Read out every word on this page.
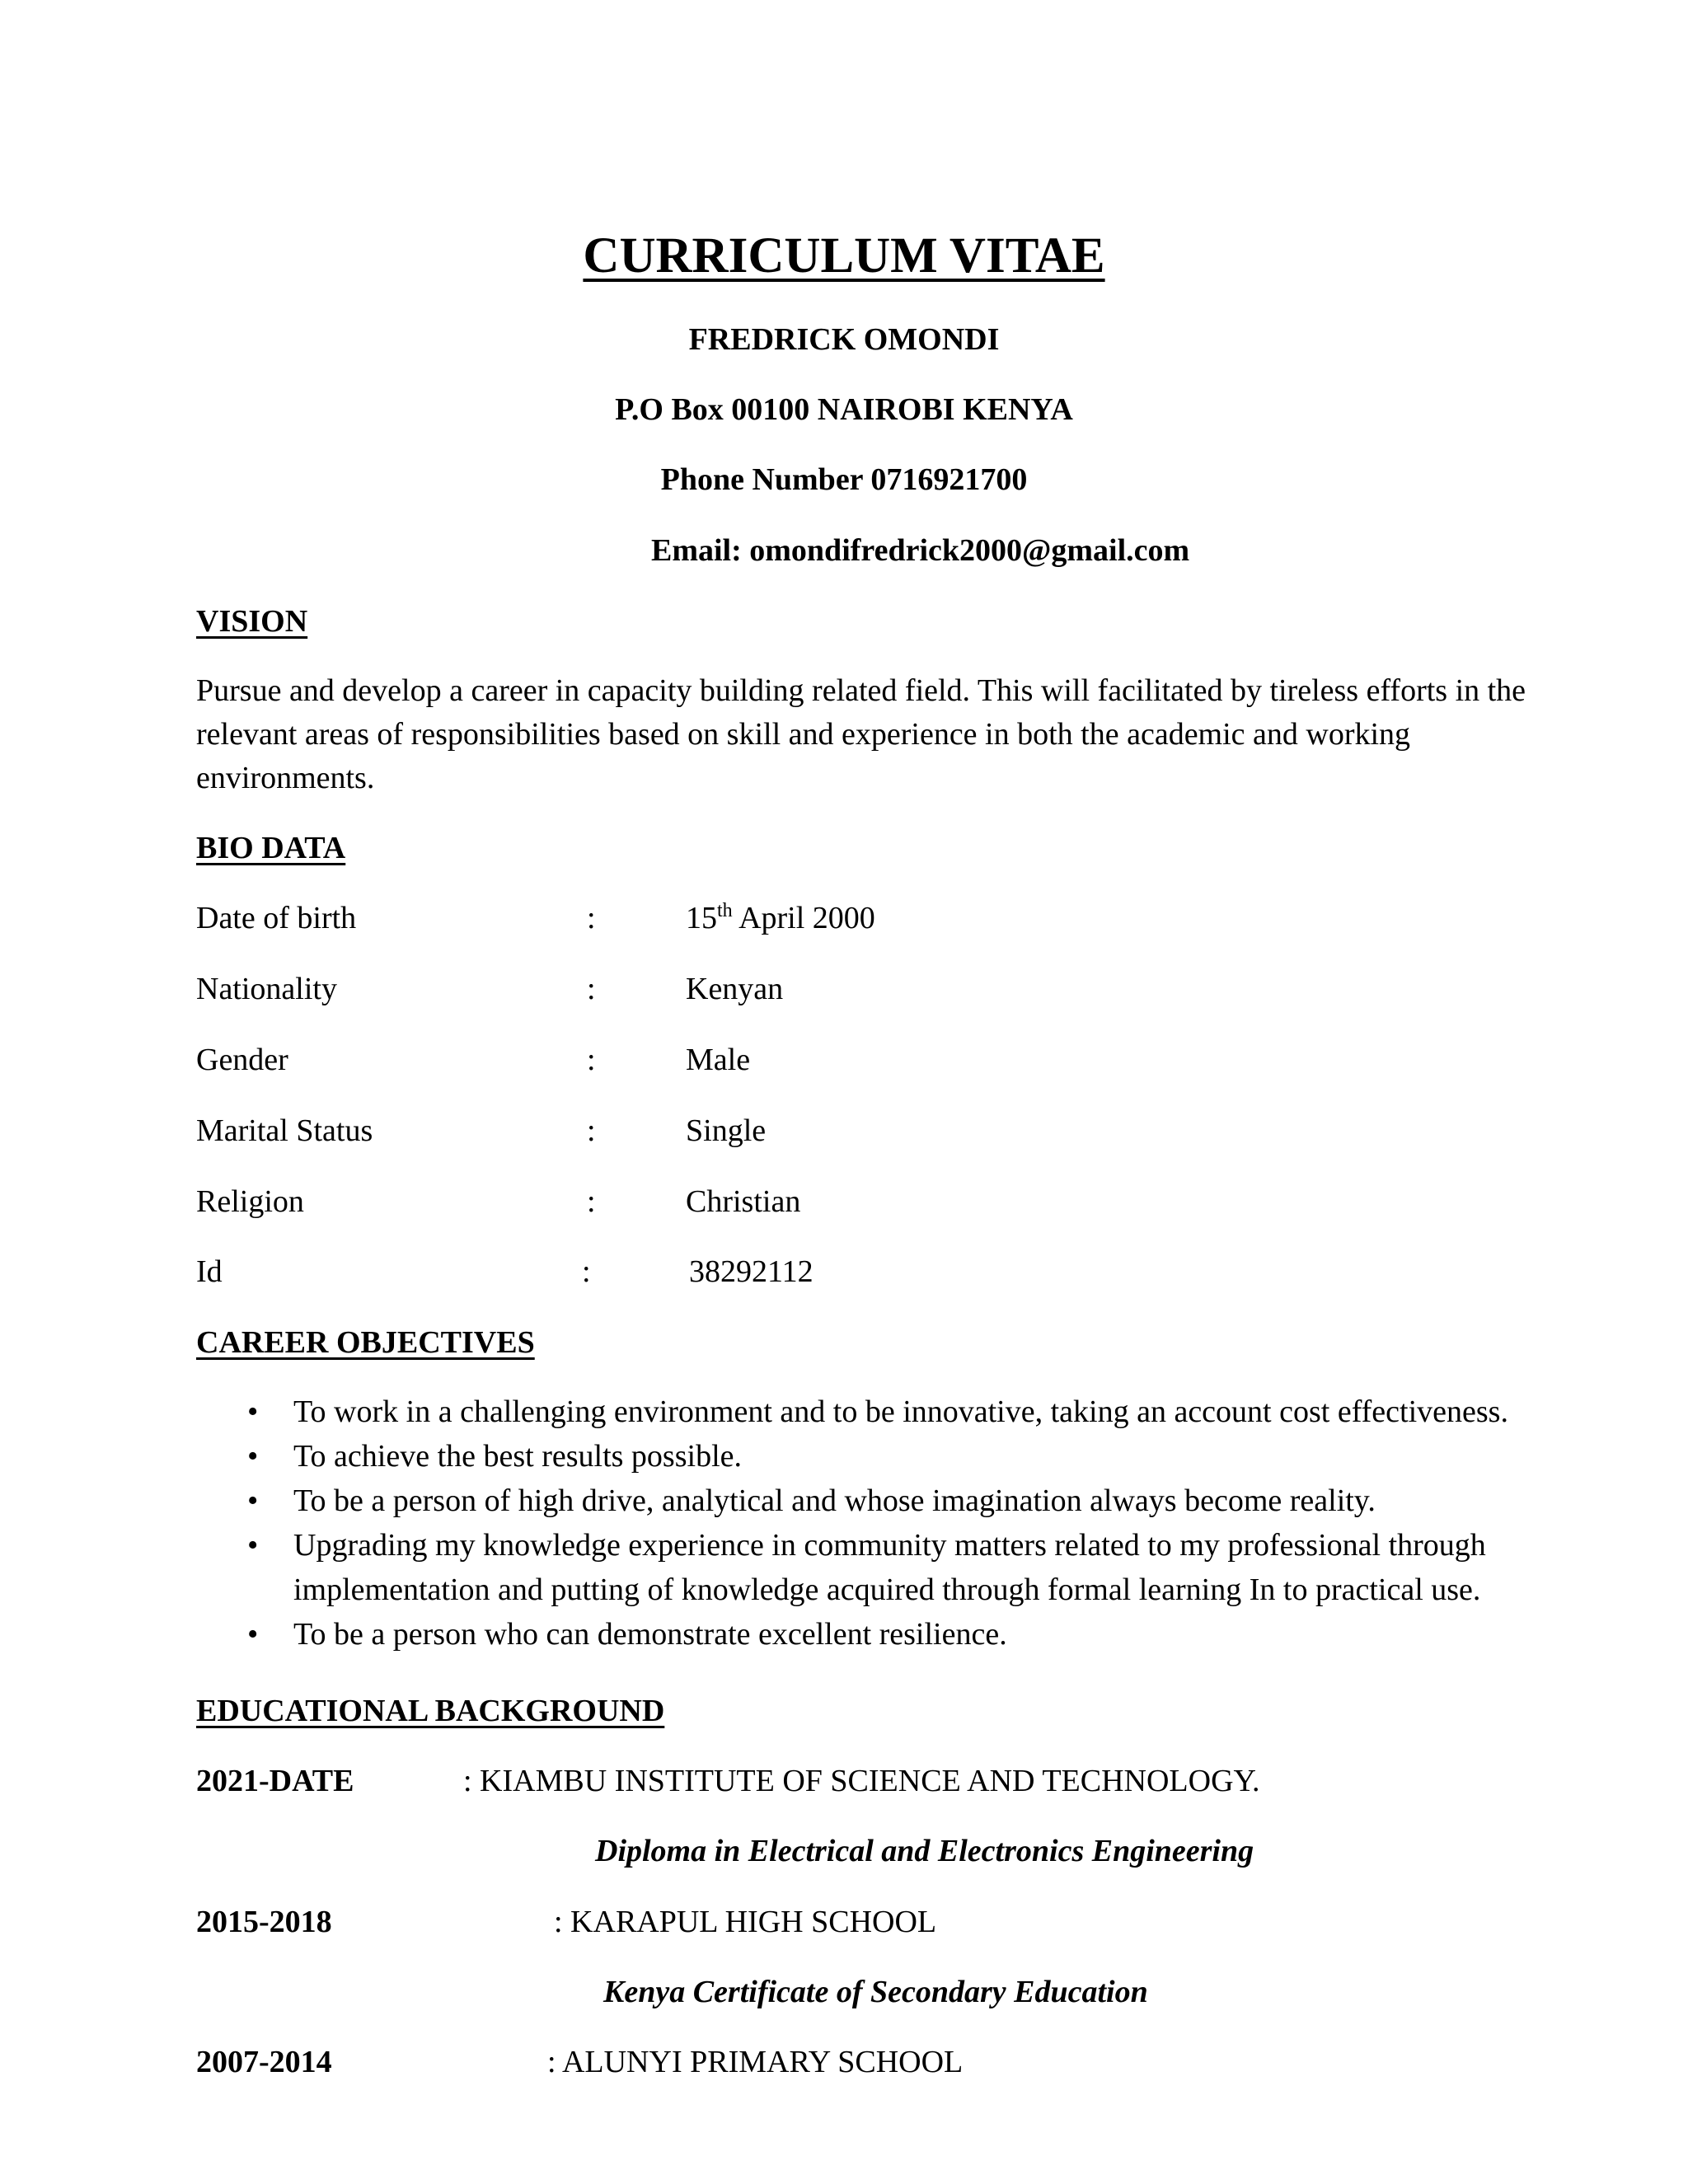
CURRICULUM VITAE
FREDRICK OMONDI
P.O Box 00100 NAIROBI KENYA
Phone Number 0716921700
Email: omondifredrick2000@gmail.com
VISION
Pursue and develop a career in capacity building related field. This will facilitated by tireless efforts in the relevant areas of responsibilities based on skill and experience in both the academic and working environments.
BIO DATA
Date of birth	:	15th April 2000
Nationality	:	Kenyan
Gender	:	Male
Marital Status	:	Single
Religion	:	Christian
Id	:	38292112
CAREER OBJECTIVES
• To work in a challenging environment and to be innovative, taking an account cost effectiveness.
• To achieve the best results possible.
• To be a person of high drive, analytical and whose imagination always become reality.
• Upgrading my knowledge experience in community matters related to my professional through implementation and putting of knowledge acquired through formal learning In to practical use.
• To be a person who can demonstrate excellent resilience.
EDUCATIONAL BACKGROUND
2021-DATE	: KIAMBU INSTITUTE OF SCIENCE AND TECHNOLOGY.
Diploma in Electrical and Electronics Engineering
2015-2018	: KARAPUL HIGH SCHOOL
Kenya Certificate of Secondary Education
2007-2014	: ALUNYI PRIMARY SCHOOL
